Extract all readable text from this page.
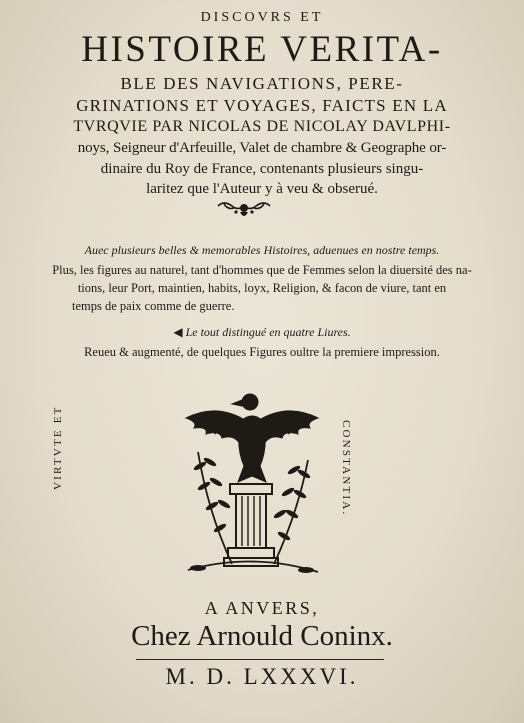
DISCOVRS ET
HISTOIRE VERITA-
BLE DES NAVIGATIONS, PERE-
GRINATIONS ET VOYAGES, FAICTS EN LA
TVRQVIE PAR NICOLAS DE NICOLAY DAVLPHI-
noys, Seigneur d'Arfeuille, Valet de chambre & Geographe or-
dinaire du Roy de France, contenants plusieurs singu-
laritez que l'Auteur y à veu & obserué.
Auec plusieurs belles & memorables Histoires, aduenues en nostre temps.
Plus, les figures au naturel, tant d'hommes que de Femmes selon la diuersité des na-
tions, leur Port, maintien, habits, loyx, Religion, & facon de viure, tant en
temps de paix comme de guerre.
◀ Le tout distingué en quatre Liures.
Reueu & augmenté, de quelques Figures oultre la premiere impression.
VIRTVTE ET	CONSTANTIA.
A ANVERS,
Chez Arnould Coninx.
M. D. LXXXVI.
